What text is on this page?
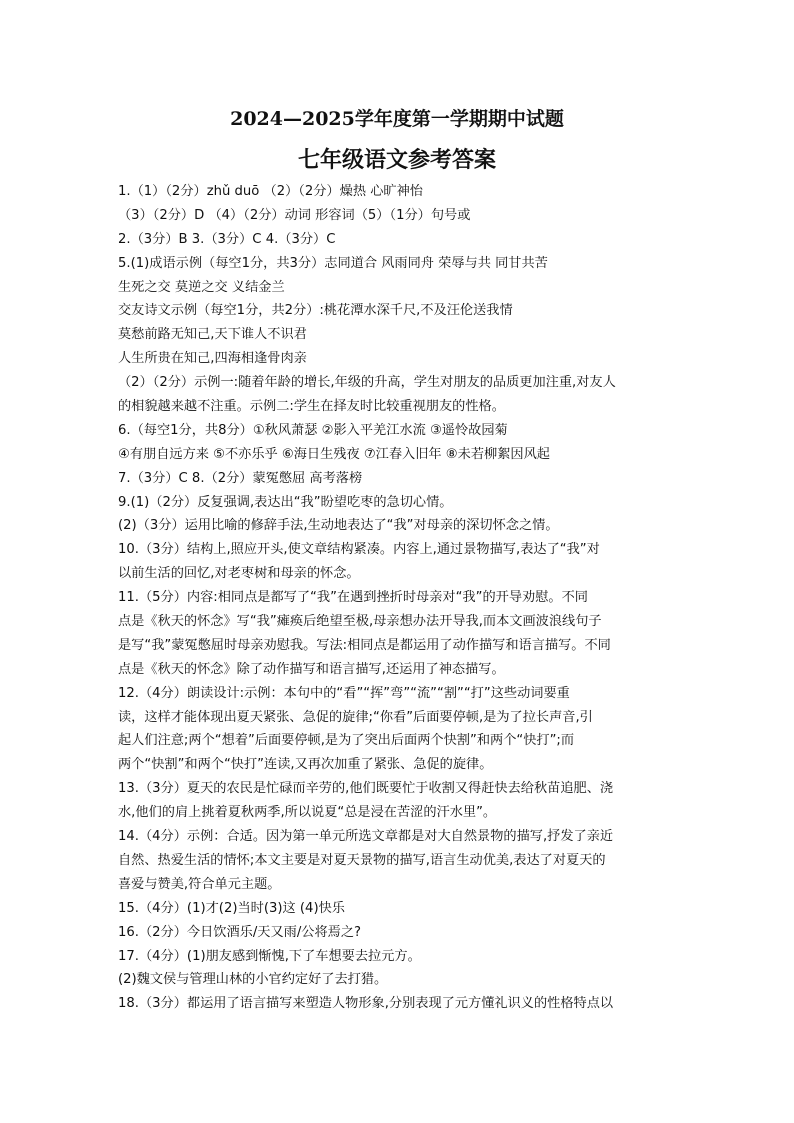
2024—2025学年度第一学期期中试题
七年级语文参考答案
1.（1）（2分）zhǔ duō （2）（2分）燥热 心旷神怡
（3）（2分）D （4）（2分）动词 形容词（5）（1分）句号或
2.（3分）B 3.（3分）C 4.（3分）C
5.(1)成语示例（每空1分，共3分）志同道合 风雨同舟 荣辱与共 同甘共苦
生死之交 莫逆之交 义结金兰
交友诗文示例（每空1分，共2分）:桃花潭水深千尺,不及汪伦送我情
莫愁前路无知己,天下谁人不识君
人生所贵在知己,四海相逢骨肉亲
（2）（2分）示例一:随着年龄的增长,年级的升高，学生对朋友的品质更加注重,对友人
的相貌越来越不注重。示例二:学生在择友时比较重视朋友的性格。
6.（每空1分，共8分）①秋风萧瑟 ②影入平羌江水流 ③遥怜故园菊
④有朋自远方来 ⑤不亦乐乎 ⑥海日生残夜 ⑦江春入旧年 ⑧未若柳絮因风起
7.（3分）C 8.（2分）蒙冤憋屈 高考落榜
9.(1)（2分）反复强调,表达出“我”盼望吃枣的急切心情。
(2)（3分）运用比喻的修辞手法,生动地表达了“我”对母亲的深切怀念之情。
10.（3分）结构上,照应开头,使文章结构紧凑。内容上,通过景物描写,表达了“我”对
以前生活的回忆,对老枣树和母亲的怀念。
11.（5分）内容:相同点是都写了“我”在遇到挫折时母亲对“我”的开导劝慰。不同
点是《秋天的怀念》写“我”瘫痪后绝望至极,母亲想办法开导我,而本文画波浪线句子
是写“我”蒙冤憋屈时母亲劝慰我。写法:相同点是都运用了动作描写和语言描写。不同
点是《秋天的怀念》除了动作描写和语言描写,还运用了神态描写。
12.（4分）朗读设计:示例：本句中的“看”“挥”弯”“流”“割”“打”这些动词要重
读，这样才能体现出夏天紧张、急促的旋律;“你看”后面要停顿,是为了拉长声音,引
起人们注意;两个“想着”后面要停顿,是为了突出后面两个快割”和两个“快打”;而
两个“快割”和两个“快打”连读,又再次加重了紧张、急促的旋律。
13.（3分）夏天的农民是忙碌而辛劳的,他们既要忙于收割又得赶快去给秋苗追肥、浇
水,他们的肩上挑着夏秋两季,所以说夏“总是浸在苦涩的汗水里”。
14.（4分）示例：合适。因为第一单元所选文章都是对大自然景物的描写,抒发了亲近
自然、热爱生活的情怀;本文主要是对夏天景物的描写,语言生动优美,表达了对夏天的
喜爱与赞美,符合单元主题。
15.（4分）(1)才(2)当时(3)这 (4)快乐
16.（2分）今日饮酒乐/天又雨/公将焉之?
17.（4分）(1)朋友感到惭愧,下了车想要去拉元方。
(2)魏文侯与管理山林的小官约定好了去打猎。
18.（3分）都运用了语言描写来塑造人物形象,分别表现了元方懂礼识义的性格特点以
